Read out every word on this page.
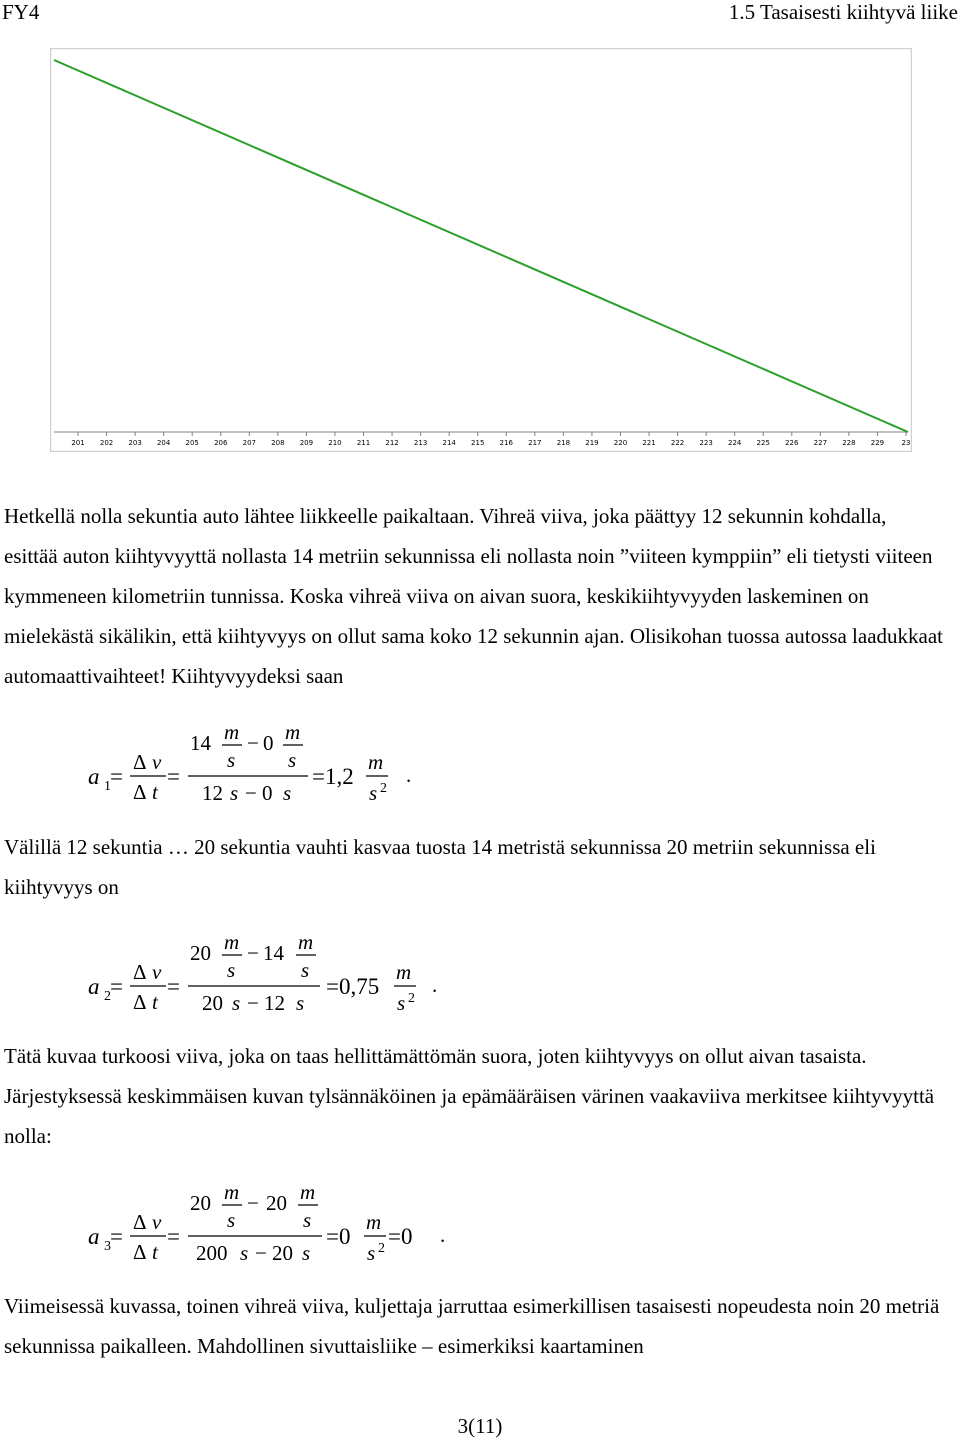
FY4	1.5 Tasaisesti kiihtyvä liike
201 202 203 204 205 206 207 208 209 210 211 212 213 214 215 216 217 218 219 220 221 222 223 224 225 226 227 228 229 23

Hetkellä nolla sekuntia auto lähtee liikkeelle paikaltaan. Vihreä viiva, joka päättyy 12 sekunnin kohdalla, esittää auton kiihtyvyyttä nollasta 14 metriin sekunnissa eli nollasta noin ”viiteen kymppiin” eli tietysti viiteen kymmeneen kilometriin tunnissa. Koska vihreä viiva on aivan suora, keskikiihtyvyyden laskeminen on mielekästä sikälikin, että kiihtyvyys on ollut sama koko 12 sekunnin ajan. Olisikohan tuossa autossa laadukkaat automaattivaihteet! Kiihtyvyydeksi saan

a 1 =
Δ v
Δ t
=
14 m
s
− 0 m
s
12 s − 0 s
=1,2
m
s 2
.

Välillä 12 sekuntia … 20 sekuntia vauhti kasvaa tuosta 14 metristä sekunnissa 20 metriin sekunnissa eli kiihtyvyys on

a 2 =
Δ v
Δ t
=
20 m
s
− 14 m
s
20 s − 12 s
=0,75
m
s 2
.

Tätä kuvaa turkoosi viiva, joka on taas hellittämättömän suora, joten kiihtyvyys on ollut aivan tasaista. Järjestyksessä keskimmäisen kuvan tylsännäköinen ja epämääräisen värinen vaakaviiva merkitsee kiihtyvyyttä nolla:

a 3 =
Δ v
Δ t
=
20 m
s
− 20 m
s
200 s − 20 s
=0
m
s 2 =0 .

Viimeisessä kuvassa, toinen vihreä viiva, kuljettaja jarruttaa esimerkillisen tasaisesti nopeudesta noin 20 metriä sekunnissa paikalleen. Mahdollinen sivuttaisliike – esimerkiksi kaartaminen

3(11)
